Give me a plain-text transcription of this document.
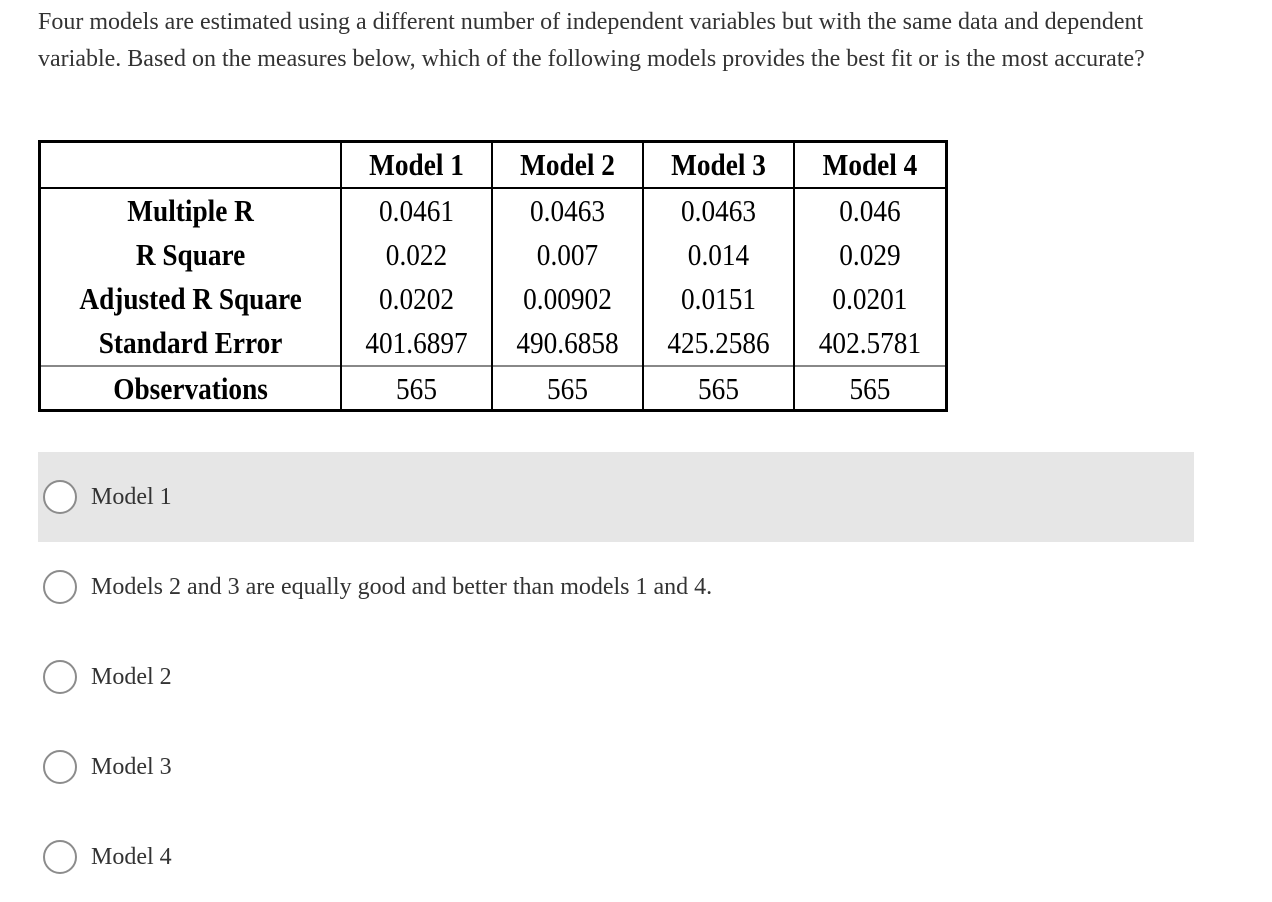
Four models are estimated using a different number of independent variables but with the same data and dependent variable. Based on the measures below, which of the following models provides the best fit or is the most accurate?

	Model 1	Model 2	Model 3	Model 4
Multiple R	0.0461	0.0463	0.0463	0.046
R Square	0.022	0.007	0.014	0.029
Adjusted R Square	0.0202	0.00902	0.0151	0.0201
Standard Error	401.6897	490.6858	425.2586	402.5781
Observations	565	565	565	565
Model 1
Models 2 and 3 are equally good and better than models 1 and 4.
Model 2
Model 3
Model 4
